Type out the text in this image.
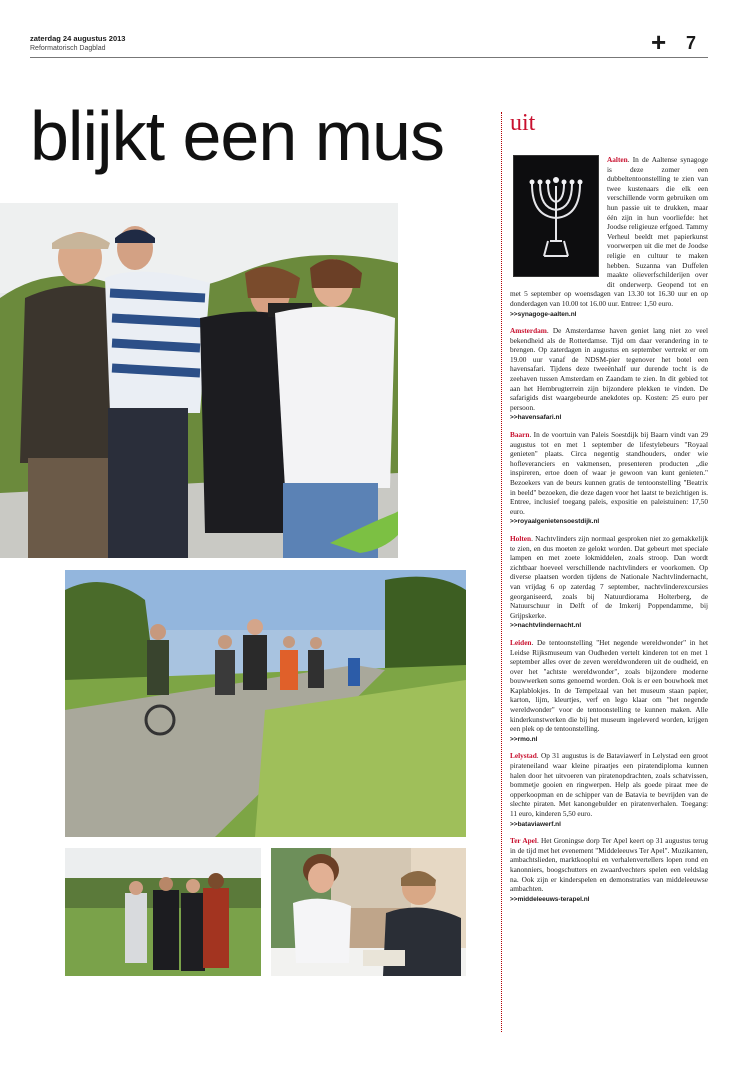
zaterdag 24 augustus 2013
Reformatorisch Dagblad	+ 7
blijkt een mus	uit

Aalten. In de Aaltense synagoge is deze zomer een dubbeltentoonstelling te zien van twee kustenaars die elk een verschillende vorm gebruiken om hun passie uit te drukken, maar één zijn in hun voorliefde: het Joodse religieuze erfgoed. Tammy Verheul beeldt met papierkunst voorwerpen uit die met de Joodse religie en cultuur te maken hebben. Suzanna van Duffelen maakte olieverfschilderijen over dit onderwerp. Geopend tot en met 5 september op woensdagen van 13.30 tot 16.30 uur en op donderdagen van 10.00 tot 16.00 uur. Entree: 1,50 euro.

>>synagoge-aalten.nl

Amsterdam. De Amsterdamse haven geniet lang niet zo veel bekendheid als de Rotterdamse. Tijd om daar verandering in te brengen. Op zaterdagen in augustus en september vertrekt er om 19.00 uur vanaf de NDSM-pier tegenover het botel een havensafari. Tijdens deze tweeënhalf uur durende tocht is de zeehaven tussen Amsterdam en Zaandam te zien. In dit gebied tot aan het Hembrugterrein zijn bijzondere plekken te vinden. De safarigids dist waargebeurde anekdotes op. Kosten: 25 euro per persoon.

>>havensafari.nl

Baarn. In de voortuin van Paleis Soestdijk bij Baarn vindt van 29 augustus tot en met 1 september de lifestylebeurs "Royaal genieten" plaats. Circa negentig standhouders, onder wie hofleveranciers en vakmensen, presenteren producten „die inspireren, ertoe doen of waar je gewoon van kunt genieten." Bezoekers van de beurs kunnen gratis de tentoonstelling "Beatrix in beeld" bezoeken, die deze dagen voor het laatst te bezichtigen is. Entree, inclusief toegang paleis, expositie en paleistuinen: 17,50 euro.

>>royaalgenietensoestdijk.nl

Holten. Nachtvlinders zijn normaal gesproken niet zo gemakkelijk te zien, en dus moeten ze gelokt worden. Dat gebeurt met speciale lampen en met zoete lokmiddelen, zoals stroop. Dan wordt zichtbaar hoeveel verschillende nachtvlinders er voorkomen. Op diverse plaatsen worden tijdens de Nationale Nachtvlindernacht, van vrijdag 6 op zaterdag 7 september, nachtvlinderexcursies georganiseerd, zoals bij Natuurdiorama Holterberg, de Natuurschuur in Delft of de Imkerij Poppendamme, bij Grijpskerke.

>>nachtvlindernacht.nl

Leiden. De tentoonstelling "Het negende wereldwonder" in het Leidse Rijksmuseum van Oudheden vertelt kinderen tot en met 1 september alles over de zeven wereldwonderen uit de oudheid, en over het "achtste wereldwonder", zoals bijzondere moderne bouwwerken soms genoemd worden. Ook is er een bouwhoek met Kaplablokjes. In de Tempelzaal van het museum staan papier, karton, lijm, kleurtjes, verf en lego klaar om "het negende wereldwonder" voor de tentoonstelling te kunnen maken. Alle kinderkunstwerken die bij het museum ingeleverd worden, krijgen een plek op de tentoonstelling.

>>rmo.nl

Lelystad. Op 31 augustus is de Bataviawerf in Lelystad een groot pirateneiland waar kleine piraatjes een piratendiploma kunnen halen door het uitvoeren van piratenopdrachten, zoals schatvissen, bommetje gooien en ringwerpen. Help als goede piraat mee de opperkoopman en de schipper van de Batavia te bevrijden van de slechte piraten. Met kanongebulder en piratenverhalen. Toegang: 11 euro, kinderen 5,50 euro.

>>bataviawerf.nl

Ter Apel. Het Groningse dorp Ter Apel keert op 31 augustus terug in de tijd met het evenement "Middeleeuws Ter Apel". Muzikanten, ambachtslieden, marktkooplui en verhalenvertellers lopen rond en kanonniers, boogschutters en zwaardvechters spelen een veldslag na. Ook zijn er kinderspelen en demonstraties van middeleeuwse ambachten.

>>middeleeuws-terapel.nl
